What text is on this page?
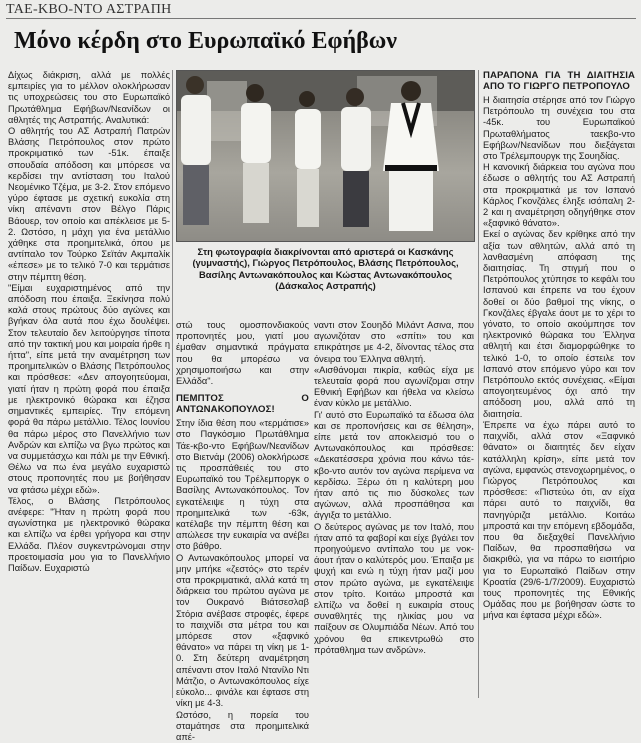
ΤΑΕ-ΚΒΟ-ΝΤΟ ΑΣΤΡΑΠΗ
Μόνο κέρδη στο Ευρωπαϊκό Εφήβων

Δίχως διάκριση, αλλά με πολλές εμπειρίες για το μέλλον ολοκλήρωσαν τις υποχρεώσεις του στο Ευρωπαϊκό Πρωτάθλημα Εφήβων/Νεανίδων οι αθλητές της Αστραπής. Αναλυτικά:

Ο αθλητής του ΑΣ Αστραπή Πατρών Βλάσης Πετρόπουλος στον πρώτο προκριματικό των -51κ. έπαιξε σπουδαία απόδοση και μπόρεσε να κερδίσει την αντίσταση του Ιταλού Νεομένικο Τζέμα, με 3-2. Στον επόμενο γύρο έφτασε με σχετική ευκολία στη νίκη απέναντι στον Βέλγο Πάρις Βάουερ, τον οποίο και απέκλεισε με 5-2. Ωστόσο, η μάχη για ένα μετάλλιο χάθηκε στα προημιτελικά, όπου με αντίπαλο τον Τούρκο Σεϊτάν Ακμπαλίκ «έπεσε» με το τελικό 7-0 και τερμάτισε στην πέμπτη θέση.

"Είμαι ευχαριστημένος από την απόδοση που έπαιξα. Ξεκίνησα πολύ καλά στους πρώτους δύο αγώνες και βγήκαν όλα αυτά που έχω δουλέψει. Στον τελευταίο δεν λειτούργησε τίποτα από την τακτική μου και μοιραία ήρθε η ήττα", είπε μετά την αναμέτρηση των προημιτελικών ο Βλάσης Πετρόπουλος και πρόσθεσε: «Δεν απογοητεύομαι, γιατί ήταν η πρώτη φορά που έπαιξα με ηλεκτρονικό θώρακα και έζησα σημαντικές εμπειρίες. Την επόμενη φορά θα πάρω μετάλλιο. Τέλος Ιουνίου θα πάρω μέρος στο Πανελλήνιο των Ανδρών και ελπίζω να βγω πρώτος και να συμμετάσχω και πάλι με την Εθνική. Θέλω να πω ένα μεγάλο ευχαριστώ στους προπονητές που με βοήθησαν να φτάσω μέχρι εδώ».

Τέλος, ο Βλάσης Πετρόπουλος ανέφερε: "Ήταν η πρώτη φορά που αγωνίστηκα με ηλεκτρονικό θώρακα και ελπίζω να έρθει γρήγορα και στην Ελλάδα. Πλέον συγκεντρώνομαι στην προετοιμασία μου για το Πανελλήνιο Παίδων. Ευχαριστώ

Στη φωτογραφία διακρίνονται από αριστερά οι Κασκάνης (γυμναστής), Γιώργος Πετρόπουλος, Βλάσης Πετρόπουλος, Βασίλης Αντωνακόπουλος και Κώστας Αντωνακόπουλος (Δάσκαλος Αστραπής)

στώ τους ομοσπονδιακούς προπονητές μου, γιατί μου έμαθαν σημαντικά πράγματα που θα μπορέσω να χρησιμοποιήσω και στην Ελλάδα".

ΠΕΜΠΤΟΣ Ο ΑΝΤΩΝΑΚΟΠΟΥΛΟΣ!

Στην ίδια θέση που «τερμάτισε» στο Παγκόσμιο Πρωτάθλημα Τάε-κβο-ντο Εφήβων/Νεανίδων στο Βιετνάμ (2006) ολοκλήρωσε τις προσπάθειές του στο Ευρωπαϊκό του Τρέλεμποργκ ο Βασίλης Αντωνακόπουλος. Τον εγκατέλειψε η τύχη στα προημιτελικά των -63κ, κατέλαβε την πέμπτη θέση και απώλεσε την ευκαιρία να ανέβει στο βάθρο.

Ο Αντωνακόπουλος μπορεί να μην μπήκε «ζεστός» στο τερέν στα προκριματικά, αλλά κατά τη διάρκεια του πρώτου αγώνα με τον Ουκρανό Βιάτσεσλαβ Στόρια ανέβασε στροφές, έφερε το παιχνίδι στα μέτρα του και μπόρεσε στον «ξαφνικό θάνατο» να πάρει τη νίκη με 1-0. Στη δεύτερη αναμέτρηση απέναντι στον Ιταλό Ντανίλο Ντι Μάτζιο, ο Αντωνακόπουλος είχε εύκολο... φινάλε και έφτασε στη νίκη με 4-3.

Ωστόσο, η πορεία του σταμάτησε στα προημιτελικά απέ-

ναντι στον Σουηδό Μιλάντ Ασινα, που αγωνιζόταν στο «σπίτι» του και επικράτησε με 4-2, δίνοντας τέλος στα όνειρα του Έλληνα αθλητή.

«Αισθάνομαι πικρία, καθώς είχα με τελευταία φορά που αγωνίζομαι στην Εθνική Εφήβων και ήθελα να κλείσω έναν κύκλο με μετάλλιο.

Γι' αυτό στο Ευρωπαϊκό τα έδωσα όλα και σε προπονήσεις και σε θέληση», είπε μετά τον αποκλεισμό του ο Αντωνακόπουλος και πρόσθεσε: «Δεκατέσσερα χρόνια που κάνω τάε-κβο-ντο αυτόν τον αγώνα περίμενα να κερδίσω. Ξέρω ότι η καλύτερη μου ήταν από τις πιο δύσκολες των αγώνων, αλλά προσπάθησα και άγγιξα το μετάλλιο.

Ο δεύτερος αγώνας με τον Ιταλό, που ήταν από τα φαβορί και είχε βγάλει τον προηγούμενο αντίπαλο του με νοκ-άουτ ήταν ο καλύτερός μου. Έπαιξα με ψυχή και ενώ η τύχη ήταν μαζί μου στον πρώτο αγώνα, με εγκατέλειψε στον τρίτο. Κοιτάω μπροστά και ελπίζω να δοθεί η ευκαιρία στους συναθλητές της ηλικίας μου να παίξουν σε Ολυμπιάδα Νέων. Από του χρόνου θα επικεντρωθώ στο πρόταθλημα των ανδρών».

ΠΑΡΑΠΟΝΑ ΓΙΑ ΤΗ ΔΙΑΙΤΗΣΙΑ ΑΠΟ ΤΟ ΓΙΩΡΓΟ ΠΕΤΡΟΠΟΥΛΟ

Η διαιτησία στέρησε από τον Γιώργο Πετρόπουλο τη συνέχεια του στα -45κ. του Ευρωπαϊκού Πρωταθλήματος ταεκβο-ντο Εφήβων/Νεανίδων που διεξάγεται στο Τρέλεμπουργκ της Σουηδίας.

Η κανονική διάρκεια του αγώνα που έδωσε ο αθλητής του ΑΣ Αστραπή στα προκριματικά με τον Ισπανό Κάρλος Γκονζάλες έληξε ισόπαλη 2-2 και η αναμέτρηση οδηγήθηκε στον «ξαφνικό θάνατο».

Εκεί ο αγώνας δεν κρίθηκε από την αξία των αθλητών, αλλά από τη λανθασμένη απόφαση της διαιτησίας. Τη στιγμή που ο Πετρόπουλος χτύπησε το κεφάλι του Ισπανού και έπρεπε να του έχουν δοθεί οι δύο βαθμοί της νίκης, ο Γκονζάλες έβγαλε άουτ με το χέρι το γόνατο, το οποίο ακούμπησε τον ηλεκτρονικό θώρακα του Έλληνα αθλητή και έτσι διαμορφώθηκε το τελικό 1-0, το οποίο έστειλε τον Ισπανό στον επόμενο γύρο και τον Πετρόπουλο εκτός συνέχειας. «Είμαι απογοητευμένος όχι από την απόδοση μου, αλλά από τη διαιτησία.

Έπρεπε να έχω πάρει αυτό το παιχνίδι, αλλά στον «Ξαφνικό θάνατο» οι διαιτητές δεν είχαν κατάλληλη κρίση», είπε μετά τον αγώνα, εμφανώς στενοχωρημένος, ο Γιώργος Πετρόπουλος και πρόσθεσε: «Πιστεύω ότι, αν είχα πάρει αυτό το παιχνίδι, θα πανηγύριζα μετάλλιο. Κοιτάω μπροστά και την επόμενη εβδομάδα, που θα διεξαχθεί Πανελλήνιο Παίδων, θα προσπαθήσω να διακριθώ, για να πάρω το εισιτήριο για το Ευρωπαϊκό Παίδων στην Κροατία (29/6-1/7/2009). Ευχαριστώ τους προπονητές της Εθνικής Ομάδας που με βοήθησαν ώστε το μήνα και έφτασα μέχρι εδώ».
